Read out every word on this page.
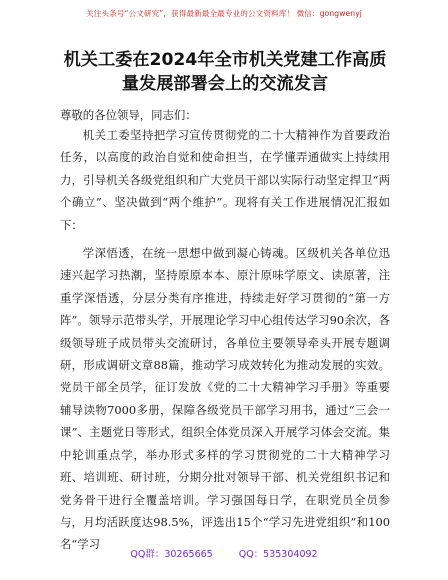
关注头条号“公文研究”，获得最新最全最专业的公文资料库！ 微信：gongwenyj
机关工委在2024年全市机关党建工作高质量发展部署会上的交流发言
尊敬的各位领导，同志们：

机关工委坚持把学习宣传贯彻党的二十大精神作为首要政治任务，以高度的政治自觉和使命担当，在学懂弄通做实上持续用力，引导机关各级党组织和广大党员干部以实际行动坚定捍卫“两个确立”、坚决做到“两个维护”。现将有关工作进展情况汇报如下：

学深悟透，在统一思想中做到凝心铸魂。区级机关各单位迅速兴起学习热潮，坚持原原本本、原汁原味学原文、读原著，注重学深悟透，分层分类有序推进，持续走好学习贯彻的“第一方阵”。领导示范带头学，开展理论学习中心组传达学习90余次，各级领导班子成员带头交流研讨，各单位主要领导牵头开展专题调研，形成调研文章88篇，推动学习成效转化为推动发展的实效。党员干部全员学，征订发放《党的二十大精神学习手册》等重要辅导读物7000多册，保障各级党员干部学习用书，通过“三会一课”、主题党日等形式，组织全体党员深入开展学习体会交流。集中轮训重点学，举办形式多样的学习贯彻党的二十大精神学习班、培训班、研讨班，分期分批对领导干部、机关党组织书记和党务骨干进行全覆盖培训。学习强国每日学，在职党员全员参与，月均活跃度达98.5%，评选出15个“学习先进党组织”和100名“学习

QQ群：30265665	QQ：535304092
